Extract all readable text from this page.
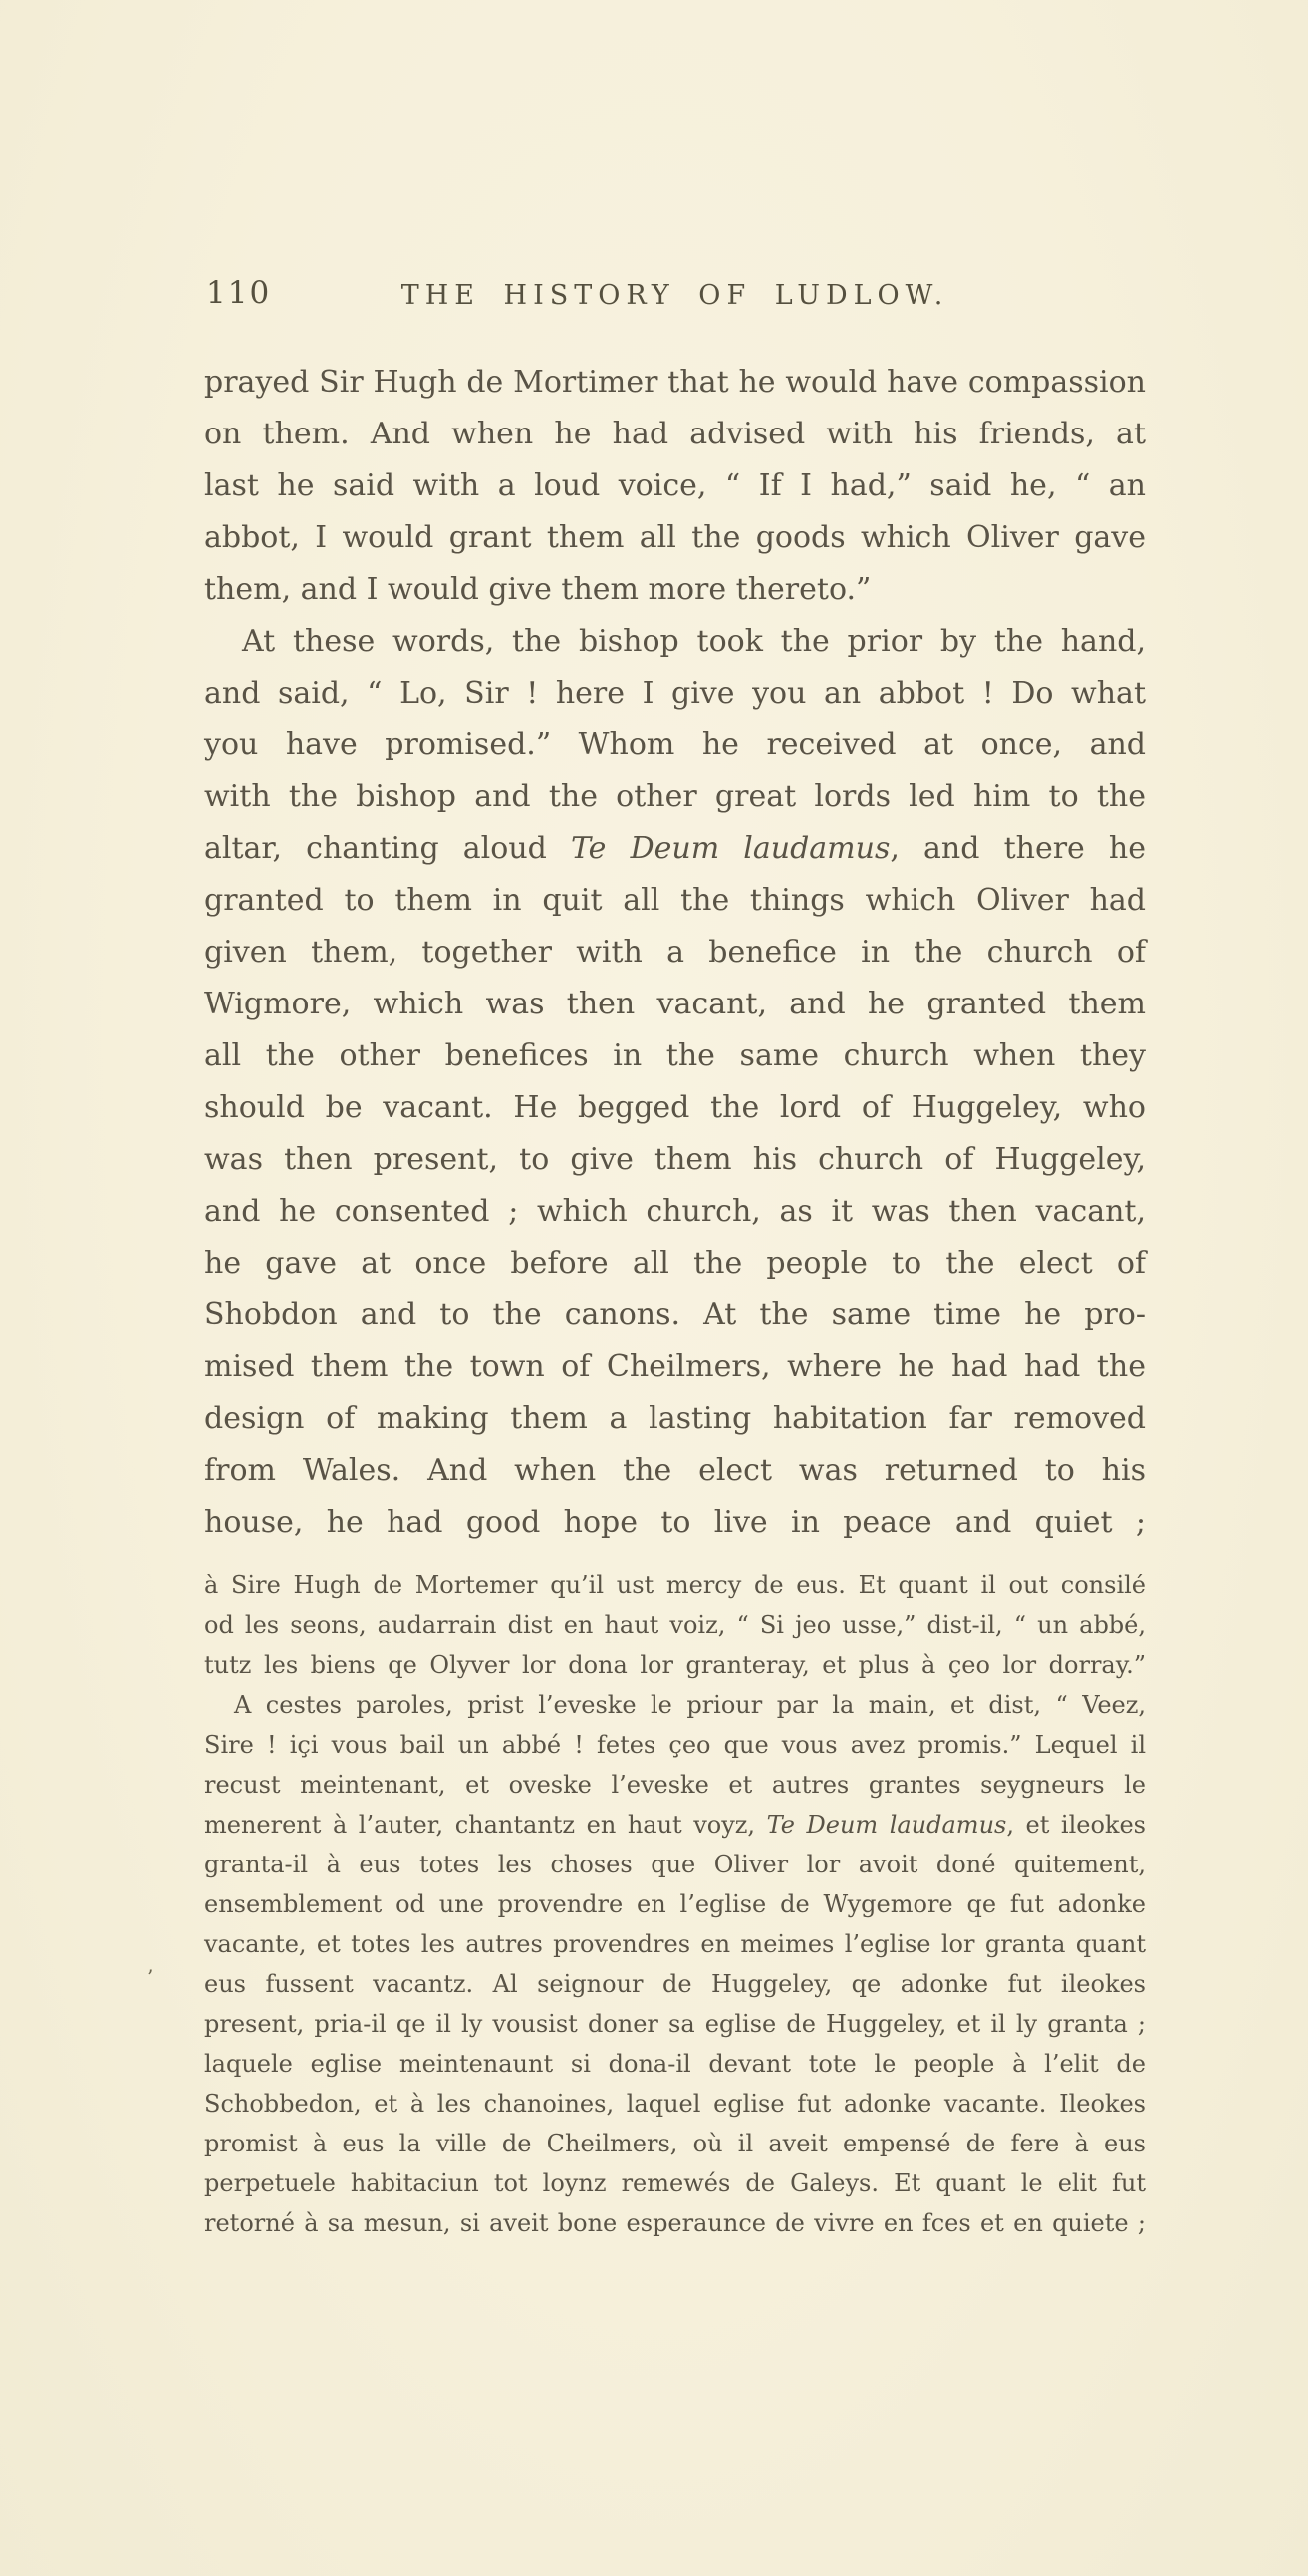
110	THE HISTORY OF LUDLOW.
prayed Sir Hugh de Mortimer that he would have compassion
on them. And when he had advised with his friends, at
last he said with a loud voice, “ If I had,” said he, “ an
abbot, I would grant them all the goods which Oliver gave
them, and I would give them more thereto.”
At these words, the bishop took the prior by the hand,
and said, “ Lo, Sir ! here I give you an abbot ! Do what
you have promised.” Whom he received at once, and
with the bishop and the other great lords led him to the
altar, chanting aloud Te Deum laudamus, and there he
granted to them in quit all the things which Oliver had
given them, together with a benefice in the church of
Wigmore, which was then vacant, and he granted them
all the other benefices in the same church when they
should be vacant. He begged the lord of Huggeley, who
was then present, to give them his church of Huggeley,
and he consented ; which church, as it was then vacant,
he gave at once before all the people to the elect of
Shobdon and to the canons. At the same time he pro-
mised them the town of Cheilmers, where he had had the
design of making them a lasting habitation far removed
from Wales. And when the elect was returned to his
house, he had good hope to live in peace and quiet ;
’
à Sire Hugh de Mortemer qu’il ust mercy de eus. Et quant il out consilé
od les seons, audarrain dist en haut voiz, “ Si jeo usse,” dist-il, “ un abbé,
tutz les biens qe Olyver lor dona lor granteray, et plus à çeo lor dorray.”
A cestes paroles, prist l’eveske le priour par la main, et dist, “ Veez,
Sire ! içi vous bail un abbé ! fetes çeo que vous avez promis.” Lequel il
recust meintenant, et oveske l’eveske et autres grantes seygneurs le
menerent à l’auter, chantantz en haut voyz, Te Deum laudamus, et ileokes
granta-il à eus totes les choses que Oliver lor avoit doné quitement,
ensemblement od une provendre en l’eglise de Wygemore qe fut adonke
vacante, et totes les autres provendres en meimes l’eglise lor granta quant
eus fussent vacantz. Al seignour de Huggeley, qe adonke fut ileokes
present, pria-il qe il ly vousist doner sa eglise de Huggeley, et il ly granta ;
laquele eglise meintenaunt si dona-il devant tote le people à l’elit de
Schobbedon, et à les chanoines, laquel eglise fut adonke vacante. Ileokes
promist à eus la ville de Cheilmers, où il aveit empensé de fere à eus
perpetuele habitaciun tot loynz remewés de Galeys. Et quant le elit fut
retorné à sa mesun, si aveit bone esperaunce de vivre en fces et en quiete ;
